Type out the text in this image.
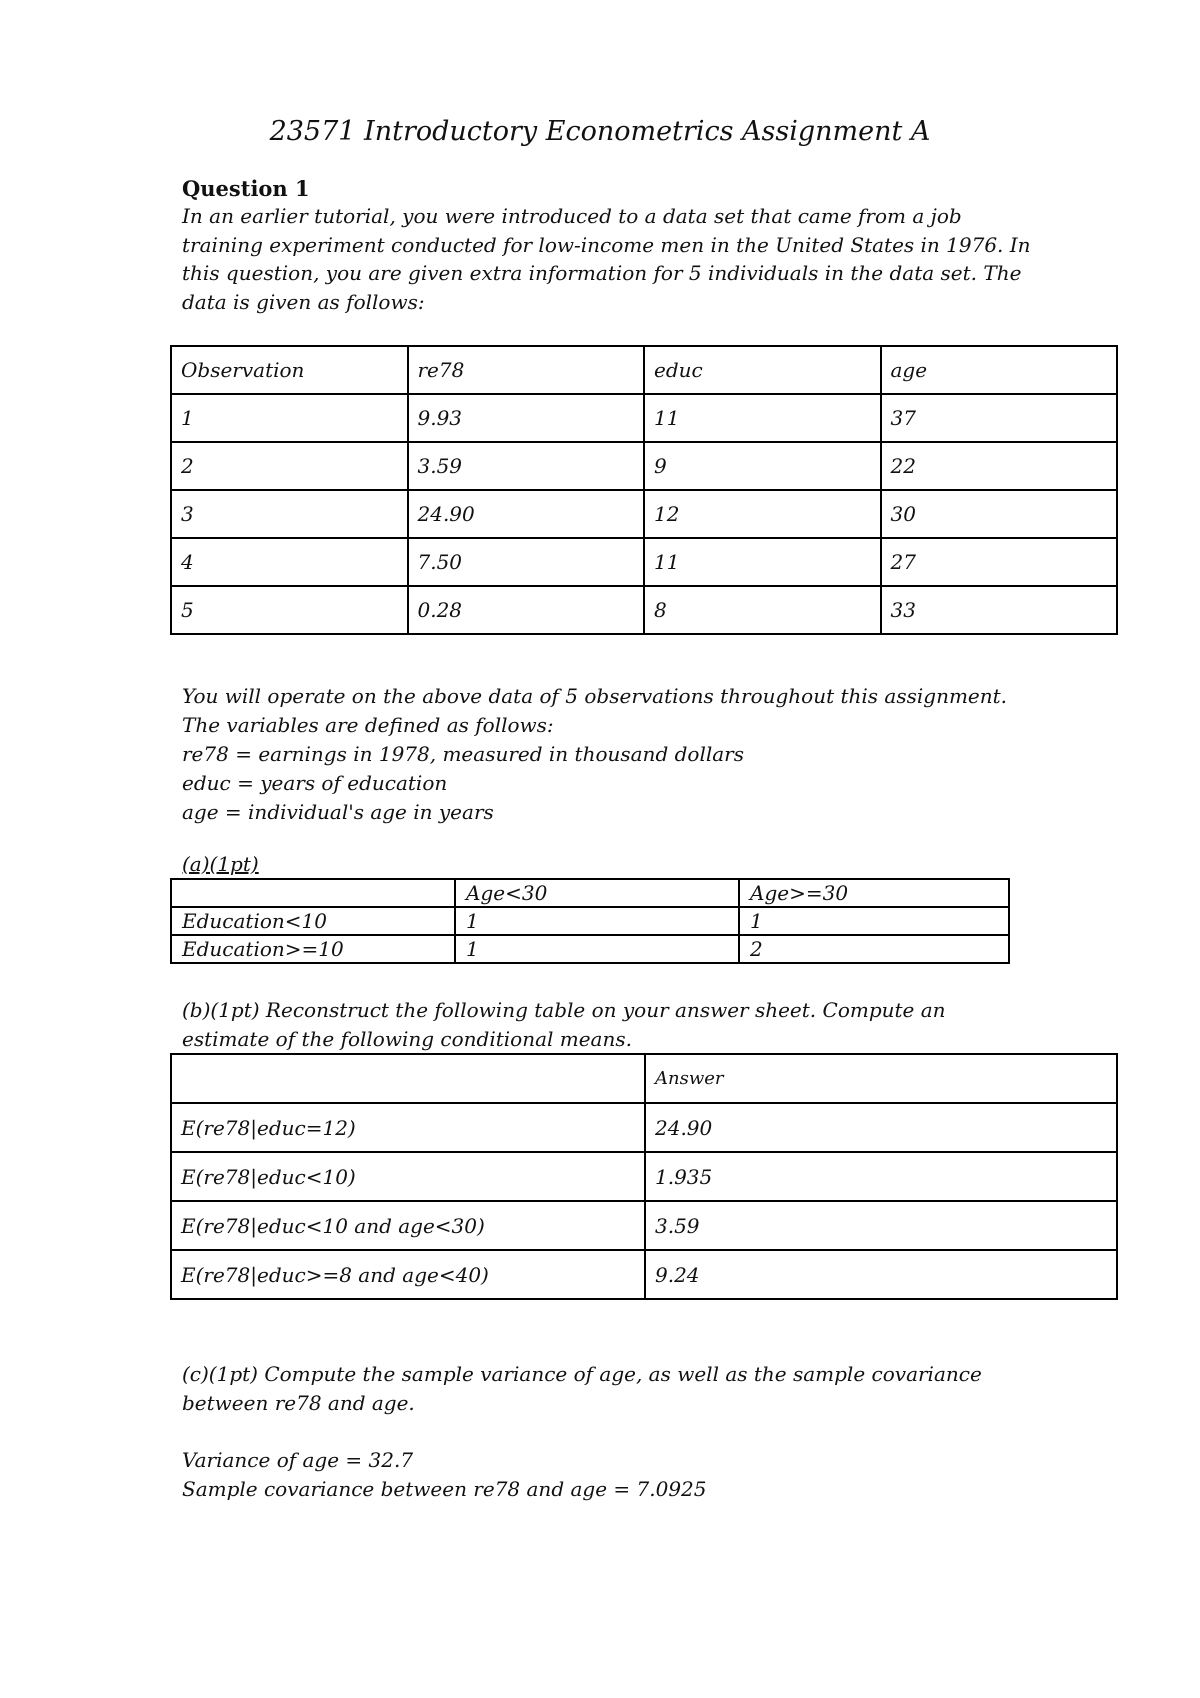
23571 Introductory Econometrics Assignment A
Question 1
In an earlier tutorial, you were introduced to a data set that came from a job
training experiment conducted for low-income men in the United States in 1976. In
this question, you are given extra information for 5 individuals in the data set. The
data is given as follows:
Observation	re78	educ	age
1	9.93	11	37
2	3.59	9	22
3	24.90	12	30
4	7.50	11	27
5	0.28	8	33
You will operate on the above data of 5 observations throughout this assignment.
The variables are defined as follows:
re78 = earnings in 1978, measured in thousand dollars
educ = years of education
age = individual's age in years
(a)(1pt)
	Age<30	Age>=30
Education<10	1	1
Education>=10	1	2
(b)(1pt) Reconstruct the following table on your answer sheet. Compute an
estimate of the following conditional means.
	Answer
E(re78|educ=12)	24.90
E(re78|educ<10)	1.935
E(re78|educ<10 and age<30)	3.59
E(re78|educ>=8 and age<40)	9.24
(c)(1pt) Compute the sample variance of age, as well as the sample covariance
between re78 and age.
Variance of age = 32.7
Sample covariance between re78 and age = 7.0925
